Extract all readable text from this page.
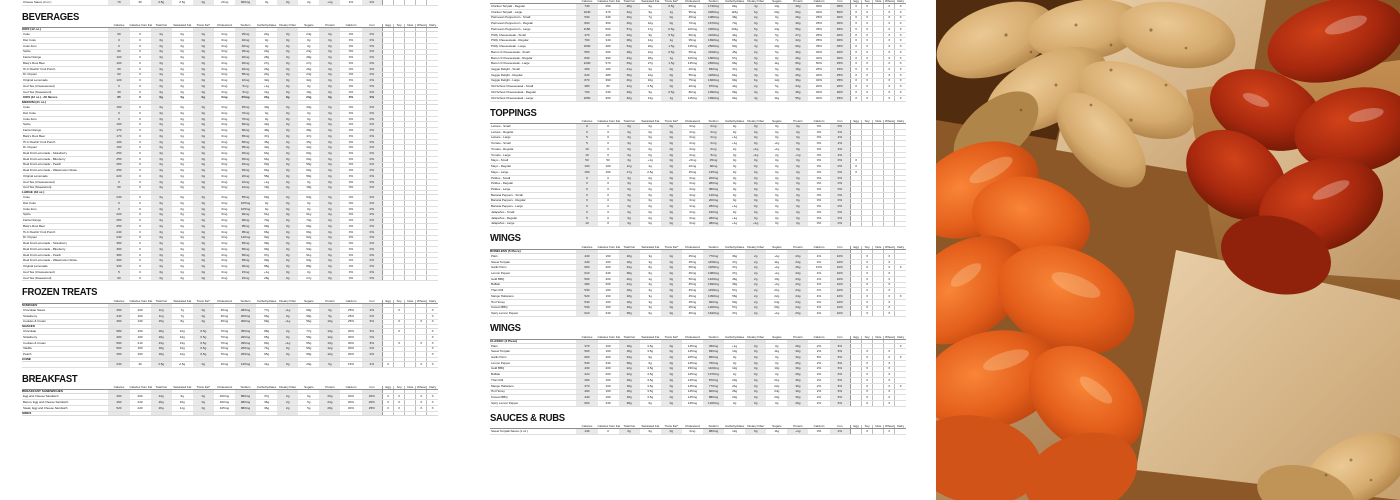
Cheese Sauce (2 oz.)	70	40	4.5g	2.5g	0g	+5mg	660mg	3g	0g	2g	+1g	4%	0%					
BEVERAGES
	Calories	Calories from Fat	Total Fat	Saturated Fat	Trans Fat*	Cholesterol	Sodium	Carbohydrates	Dietary Fiber	Sugars	Protein	Calcium	Iron	Egg	Soy	Nuts	Wheat	Dairy
KIDS (12 oz.)																		
Coke	90	0	0g	0g	0g	0mg	25mg	24g	0g	24g	0g	0%	0%					
Diet Coke	0	0	0g	0g	0g	0mg	40mg	0g	0g	0g	0g	0%	0%					
Coke Zero	0	0	0g	0g	0g	0mg	40mg	0g	0g	0g	0g	0%	0%					
Sprite	90	0	0g	0g	0g	0mg	35mg	24g	0g	24g	0g	0%	0%					
Fanta Orange	100	0	0g	0g	0g	0mg	40mg	28g	0g	28g	0g	0%	0%					
Barq's Root Beer	100	0	0g	0g	0g	0mg	40mg	27g	0g	27g	0g	0%	0%					
Hi-C Flashin' Fruit Punch	90	0	0g	0g	0g	0mg	40mg	26g	0g	26g	0g	0%	0%					
Dr. Pepper	90	0	0g	0g	0g	0mg	55mg	24g	0g	24g	0g	0%	0%					
Original Lemonade	120	0	0g	0g	0g	0mg	10mg	32g	0g	32g	0g	0%	0%					
Iced Tea (Unsweetened)	0	0	0g	0g	0g	0mg	5mg	+1g	0g	0g	0g	0%	0%					
Iced Tea (Sweetened)	40	0	0g	0g	0g	0mg	5mg	11g	0g	10g	0g	0%	0%					
KIDS (12 oz.) - All flavors	95	0	0g	0g	0g	0mg	25mg	24g	0g	24g	0g	0%	0%					
MEDIUM (21 oz.)																		
Coke	160	0	0g	0g	0g	0mg	45mg	43g	0g	43g	0g	0%	0%					
Diet Coke	0	0	0g	0g	0g	0mg	70mg	0g	0g	0g	0g	0%	0%					
Coke Zero	0	0	0g	0g	0g	0mg	70mg	0g	0g	0g	0g	0%	0%					
Sprite	160	0	0g	0g	0g	0mg	60mg	42g	0g	42g	0g	0%	0%					
Fanta Orange	170	0	0g	0g	0g	0mg	60mg	48g	0g	48g	0g	0%	0%					
Barq's Root Beer	170	0	0g	0g	0g	0mg	65mg	47g	0g	47g	0g	0%	0%					
Hi-C Flashin' Fruit Punch	160	0	0g	0g	0g	0mg	65mg	45g	0g	45g	0g	0%	0%					
Dr. Pepper	160	0	0g	0g	0g	0mg	95mg	42g	0g	42g	0g	0%	0%					
Real Fruit Lemonade - Strawberry	250	0	0g	0g	0g	0mg	45mg	64g	0g	60g	0g	0%	0%					
Real Fruit Lemonade - Blueberry	250	0	0g	0g	0g	0mg	45mg	64g	0g	60g	0g	0%	0%					
Real Fruit Lemonade - Peach	250	0	0g	0g	0g	0mg	45mg	63g	0g	59g	0g	0%	0%					
Real Fruit Lemonade - Watermelon Straw.	250	0	0g	0g	0g	0mg	45mg	64g	0g	60g	0g	0%	0%					
Original Lemonade	220	0	0g	0g	0g	0mg	20mg	58g	0g	58g	0g	0%	0%					
Iced Tea (Unsweetened)	0	0	0g	0g	0g	0mg	10mg	+1g	0g	0g	0g	0%	0%					
Iced Tea (Sweetened)	60	0	0g	0g	0g	0mg	10mg	19g	0g	18g	0g	0%	0%					
LARGE (32 oz.)																		
Coke	230	0	0g	0g	0g	0mg	65mg	63g	0g	63g	0g	0%	0%					
Diet Coke	0	0	0g	0g	0g	0mg	105mg	0g	0g	0g	0g	0%	0%					
Coke Zero	0	0	0g	0g	0g	0mg	105mg	0g	0g	0g	0g	0%	0%					
Sprite	220	0	0g	0g	0g	0mg	90mg	61g	0g	61g	0g	0%	0%					
Fanta Orange	250	0	0g	0g	0g	0mg	90mg	70g	0g	70g	0g	0%	0%					
Barq's Root Beer	250	0	0g	0g	0g	0mg	95mg	69g	0g	69g	0g	0%	0%					
Hi-C Flashin' Fruit Punch	240	0	0g	0g	0g	0mg	95mg	66g	0g	66g	0g	0%	0%					
Dr. Pepper	230	0	0g	0g	0g	0mg	140mg	62g	0g	62g	0g	0%	0%					
Real Fruit Lemonade - Strawberry	390	0	0g	0g	0g	0mg	65mg	99g	0g	93g	0g	0%	0%					
Real Fruit Lemonade - Blueberry	390	0	0g	0g	0g	0mg	65mg	99g	0g	93g	0g	0%	0%					
Real Fruit Lemonade - Peach	380	0	0g	0g	0g	0mg	65mg	97g	0g	91g	0g	0%	0%					
Real Fruit Lemonade - Watermelon Straw.	400	0	0g	0g	0g	0mg	65mg	99g	0g	93g	0g	0%	0%					
Original Lemonade	330	0	0g	0g	0g	0mg	30mg	88g	0g	88g	0g	0%	0%					
Iced Tea (Unsweetened)	5	0	0g	0g	0g	0mg	15mg	+1g	0g	0g	0g	0%	0%					
Iced Tea (Sweetened)	90	0	0g	0g	0g	0mg	15mg	28g	0g	27g	0g	0%	0%					
FROZEN TREATS
	Calories	Calories from Fat	Total Fat	Saturated Fat	Trans Fat*	Cholesterol	Sodium	Carbohydrates	Dietary Fiber	Sugars	Protein	Calcium	Iron	Egg	Soy	Nuts	Wheat	Dairy
SUNDAES																		
Chocolate Sauce	450	100	11g	7g	0g	45mg	280mg	77g	+1g	68g	9g	25%	2%		X			X
Strawberry	440	100	11g	7g	0g	45mg	200mg	66g	0g	58g	9g	25%	0%					X
Cookies & Cream	460	130	15g	8g	0g	45mg	300mg	69g	+1g	56g	10g	25%	6%		X		X	X
SHAKES																		
Chocolate	580	160	18g	12g	0.5g	70mg	350mg	88g	2g	77g	13g	30%	6%		X			X
Strawberry	460	160	18g	12g	0.5g	70mg	260mg	65g	0g	58g	12g	30%	0%					X
Cookies & Cream	590	210	23g	13g	0.5g	70mg	390mg	83g	+1g	65g	13g	30%	8%		X		X	X
Vanilla	500	160	18g	12g	0.5g	70mg	250mg	74g	0g	66g	12g	30%	0%					X
Peach	450	160	18g	12g	0.5g	70mg	250mg	65g	0g	58g	12g	30%	0%					X
CONE																		
	230	40	4.5g	2.5g	0g	15mg	125mg	41g	0g	29g	6g	15%	4%	X			X	X
BREAKFAST
	Calories	Calories from Fat	Total Fat	Saturated Fat	Trans Fat*	Cholesterol	Sodium	Carbohydrates	Dietary Fiber	Sugars	Protein	Calcium	Iron	Egg	Soy	Nuts	Wheat	Dairy
BREAKFAST SANDWICHES																		
Egg and Cheese Sandwich	460	200	24g	9g	0g	400mg	880mg	37g	2g	6g	20g	30%	20%	X	X		X	X
Bacon, Egg and Cheese Sandwich	490	240	26g	10g	0g	400mg	980mg	36g	2g	5g	24g	30%	20%	X	X		X	X
Steak, Egg and Cheese Sandwich	520	220	26g	11g	0g	425mg	880mg	36g	2g	5g	28g	30%	25%	X	X		X	X
SIDES																		
	Calories	Calories from Fat	Total Fat	Saturated Fat	Trans Fat*	Cholesterol	Sodium	Carbohydrates	Dietary Fiber	Sugars	Protein	Calcium	Iron	Egg	Soy	Nuts	Wheat	Dairy
Chicken Teriyaki - Regular	740	250	28g	6g	0.5g	65mg	1740mg	82g	4g	13g	43g	30%	35%	X	X		X	X
Chicken Teriyaki - Large	1040	370	42g	9g	1g	95mg	2480mg	118g	6g	20g	60g	40%	50%	X	X		X	X
Parmesan Peppercorn - Small	530	230	26g	7g	0g	45mg	1080mg	48g	2g	6g	26g	25%	20%	X	X		X	X
Parmesan Peppercorn - Regular	800	360	40g	12g	0g	70mg	1670mg	73g	3g	9g	40g	35%	30%	X	X		X	X
Parmesan Peppercorn - Large	1150	500	57g	17g	0.5g	100mg	2360mg	104g	5g	13g	56g	45%	45%	X	X		X	X
Philly Cheesesteak - Small	470	200	22g	9g	0.5g	60mg	1100mg	44g	2g	5g	27g	25%	20%	X	X		X	X
Philly Cheesesteak - Regular	700	340	38g	14g	1g	95mg	1690mg	65g	3g	7g	42g	35%	30%	X	X		X	X
Philly Cheesesteak - Large	1000	480	54g	20g	1.5g	135mg	2500mg	93g	4g	10g	60g	45%	45%	X	X		X	X
Bacon 3 Cheesesteak - Small	550	260	28g	12g	0.5g	65mg	1190mg	45g	2g	5g	30g	30%	20%	X	X		X	X
Bacon 3 Cheesesteak - Regular	830	390	43g	18g	1g	100mg	1800mg	67g	3g	8g	46g	40%	30%	X	X		X	X
Bacon 3 Cheesesteak - Large	1200	570	63g	27g	1.5g	145mg	2660mg	96g	5g	11g	66g	50%	45%	X	X		X	X
Veggie Delight - Small	460	180	21g	9g	0g	40mg	830mg	47g	3g	6g	19g	25%	15%	X	X		X	X
Veggie Delight - Regular	620	280	30g	12g	0g	55mg	1180mg	64g	4g	9g	26g	30%	25%	X	X		X	X
Veggie Delight - Large	870	390	40g	16g	0g	75mg	1660mg	93g	6g	12g	36g	40%	35%	X	X		X	X
Old School Cheesesteak - Small	380	80	12g	4.5g	0g	40mg	870mg	44g	2g	5g	24g	20%	20%	X	X		X	X
Old School Cheesesteak - Regular	700	230	29g	9g	0.5g	80mg	1390mg	66g	3g	8g	38g	30%	30%	X	X		X	X
Old School Cheesesteak - Large	1050	360	40g	13g	1g	115mg	1990mg	94g	4g	11g	55g	40%	45%	X	X		X	X
TOPPINGS
	Calories	Calories from Fat	Total Fat	Saturated Fat	Trans Fat*	Cholesterol	Sodium	Carbohydrates	Dietary Fiber	Sugars	Protein	Calcium	Iron	Egg	Soy	Nuts	Wheat	Dairy
Lettuce - Small	0	0	0g	0g	0g	0mg	0mg	0g	0g	0g	0g	0%	0%					
Lettuce - Regular	0	0	0g	0g	0g	0mg	0mg	0g	0g	0g	0g	0%	2%					
Lettuce - Large	5	0	0g	0g	0g	0mg	0mg	+1g	0g	0g	0g	0%	2%					
Tomato - Small	5	0	0g	0g	0g	0mg	0mg	+1g	0g	+1g	0g	0%	2%					
Tomato - Regular	10	0	0g	0g	0g	0mg	0mg	2g	+1g	+1g	0g	0%	2%					
Tomato - Large	10	0	0g	0g	0g	0mg	5mg	3g	+1g	2g	+1g	0%	2%					
Mayo - Small	50	50	6g	+1g	0g	+5mg	45mg	0g	0g	0g	0g	0%	0%	X				
Mayo - Regular	100	100	11g	2g	0g	10mg	90mg	0g	0g	0g	0g	0%	0%	X				
Mayo - Large	150	150	17g	2.5g	0g	15mg	135mg	0g	0g	0g	0g	0%	0%	X				
Pickles - Small	0	0	0g	0g	0g	0mg	200mg	0g	0g	0g	0g	0%	0%					
Pickles - Regular	0	0	0g	0g	0g	0mg	280mg	0g	0g	0g	0g	0%	0%					
Pickles - Large	0	0	0g	0g	0g	0mg	380mg	0g	0g	0g	0g	0%	0%					
Banana Peppers - Small	0	0	0g	0g	0g	0mg	140mg	0g	0g	0g	0g	0%	0%					
Banana Peppers - Regular	0	0	0g	0g	0g	0mg	200mg	0g	0g	0g	0g	0%	0%					
Banana Peppers - Large	0	0	0g	0g	0g	0mg	280mg	+1g	0g	0g	0g	0%	0%					
Jalapeños - Small	0	0	0g	0g	0g	0mg	190mg	0g	0g	0g	0g	0%	0%					
Jalapeños - Regular	5	0	0g	0g	0g	0mg	280mg	+1g	0g	0g	0g	0%	0%					
Jalapeños - Large	10	0	0g	0g	0g	0mg	380mg	+1g	+1g	0g	0g	0%	0%					
WINGS
	Calories	Calories from Fat	Total Fat	Saturated Fat	Trans Fat*	Cholesterol	Sodium	Carbohydrates	Dietary Fiber	Sugars	Protein	Calcium	Iron	Egg	Soy	Nuts	Wheat	Dairy
BONELESS (5 Piece)																		
Plain	440	160	18g	3g	0g	45mg	770mg	36g	2g	+1g	23g	4%	10%		X		X	
Sweet Teriyaki	440	160	18g	3g	0g	45mg	1150mg	47g	2g	11g	24g	4%	10%		X		X	
Garlic Parm	660	400	43g	8g	0g	65mg	1180mg	37g	2g	+1g	26g	10%	10%		X		X	X
Lemon Pepper	610	340	38g	6g	0g	45mg	1080mg	37g	2g	+1g	23g	4%	10%		X		X	
Gold BBQ	500	200	22g	4g	0g	50mg	1420mg	46g	2g	10g	24g	4%	10%		X		X	
Buffalo	480	200	22g	4g	0g	45mg	1690mg	36g	2g	+1g	23g	4%	10%		X		X	
Thai Chili	530	160	18g	3g	0g	45mg	1190mg	57g	2g	21g	24g	4%	10%		X		X	
Mango Habanero	520	160	18g	3g	0g	45mg	1090mg	58g	2g	22g	24g	4%	10%		X		X	X
Hot Honey	540	160	18g	3g	0g	45mg	920mg	60g	2g	24g	24g	4%	10%		X		X	
Korean BBQ	530	160	18g	3g	0g	45mg	1200mg	57g	2g	20g	24g	4%	10%		X		X	
Spicy Lemon Pepper	610	340	38g	6g	0g	45mg	1640mg	37g	2g	+1g	23g	4%	10%		X		X	
WINGS
	Calories	Calories from Fat	Total Fat	Saturated Fat	Trans Fat*	Cholesterol	Sodium	Carbohydrates	Dietary Fiber	Sugars	Protein	Calcium	Iron	Egg	Soy	Nuts	Wheat	Dairy
CLASSIC (4 Piece)																		
Plain	370	160	18g	3.5g	0g	145mg	450mg	+1g	0g	0g	29g	2%	6%					X
Sweet Teriyaki	500	160	18g	3.5g	0g	145mg	830mg	13g	0g	11g	30g	2%	6%		X		X	
Garlic Parm	600	400	43g	9g	0g	165mg	860mg	3g	0g	0g	32g	8%	6%		X		X	X
Lemon Pepper	530	340	38g	6g	0g	145mg	760mg	3g	0g	0g	29g	2%	6%		X		X	
Gold BBQ	430	200	22g	4.5g	0g	150mg	1100mg	12g	0g	10g	30g	2%	6%		X		X	
Buffalo	410	200	22g	4.5g	0g	145mg	1370mg	2g	0g	0g	29g	2%	6%		X		X	
Thai Chili	460	160	18g	3.5g	0g	145mg	870mg	23g	0g	21g	30g	2%	6%		X		X	
Mango Habanero	370	160	18g	3.5g	0g	145mg	770mg	24g	0g	22g	30g	2%	6%		X		X	X
Hot Honey	460	160	18g	3.5g	0g	145mg	600mg	26g	0g	24g	30g	2%	6%		X		X	
Korean BBQ	440	160	18g	3.5g	0g	145mg	880mg	23g	0g	20g	30g	2%	6%		X		X	
Spicy Lemon Pepper	600	340	38g	6g	0g	145mg	1320mg	3g	0g	0g	29g	2%	6%		X		X	
SAUCES & RUBS
	Calories	Calories from Fat	Total Fat	Saturated Fat	Trans Fat*	Cholesterol	Sodium	Carbohydrates	Dietary Fiber	Sugars	Protein	Calcium	Iron	Egg	Soy	Nuts	Wheat	Dairy
Sweet Teriyaki Sauce (1 oz.)	130	0	0g	0g	0g	0mg	880mg	12g	0g	11g	+1g	0%	2%		X		X	
